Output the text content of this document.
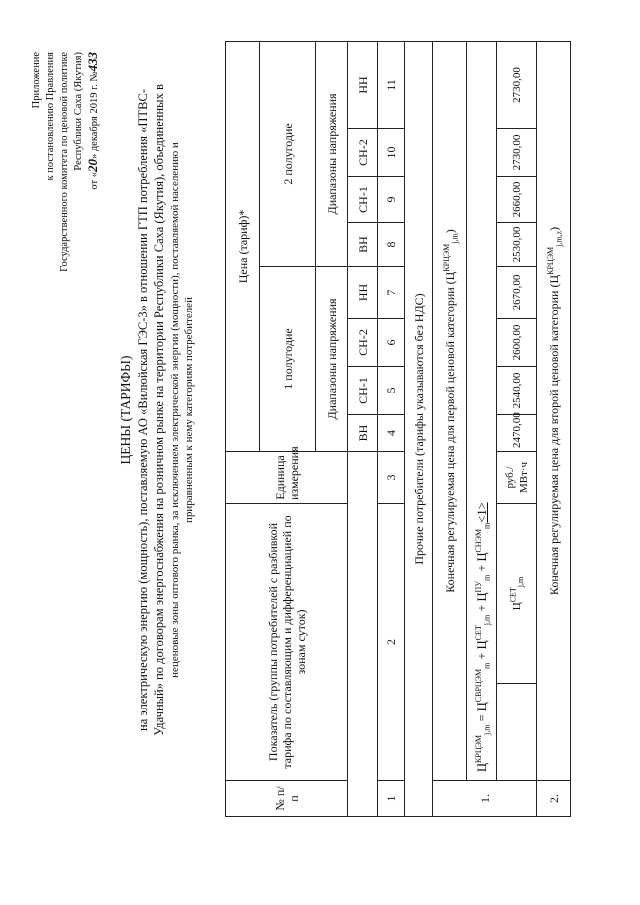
Приложение к постановлению Правления Государственного комитета по ценовой политике Республики Саха (Якутия)
от «20» декабря 2019 г. №433
ЦЕНЫ (ТАРИФЫ) на электрическую энергию (мощность), поставляемую АО «Вилюйская ГЭС-3» в отношении ГТП потребления «ПТВС- Удачный» по договорам энергоснабжения на розничном рынке на территории Республики Саха (Якутия), объединенных в неценовые зоны оптового рынка, за исключением электрической энергии (мощности), поставляемой населению и приравненным к нему категориям потребителей
№ п/п	Показатель (группы потребителей с разбивкой тарифа по составляющим и дифференциацией по зонам суток)		Единица измерения	Цена (тариф)*							
				1 полугодие				2 полугодие			
				Диапазоны напряжения				Диапазоны напряжения			
				ВН	СН-1	СН-2	НН	ВН	СН-1	СН-2	НН
1	2		3	4	5	6	7	8	9	10	11
Прочие потребители (тарифы указываются без НДС)											
1.	Конечная регулируемая цена для первой ценовой категории $(Ц^{КРЦЭМ}_{j,m})$										
	$Ц^{КРЦЭМ}_{j,m} = Ц^{СВРЦЭМ}_m + Ц^{СЕТ}_{j,m} + Ц^{ПУ}_m + Ц^{СНЭМ}_m<1>$										
		$Ц^{СЕТ}_{j,m}$	руб./МВт·ч	2470,00	2540,00	2600,00	2670,00	2530,00	2660,00	2730,00	2730,00
2.	Конечная регулируемая цена для второй ценовой категории $(Ц^{КРЦЭМ}_{j,m,z})$										
